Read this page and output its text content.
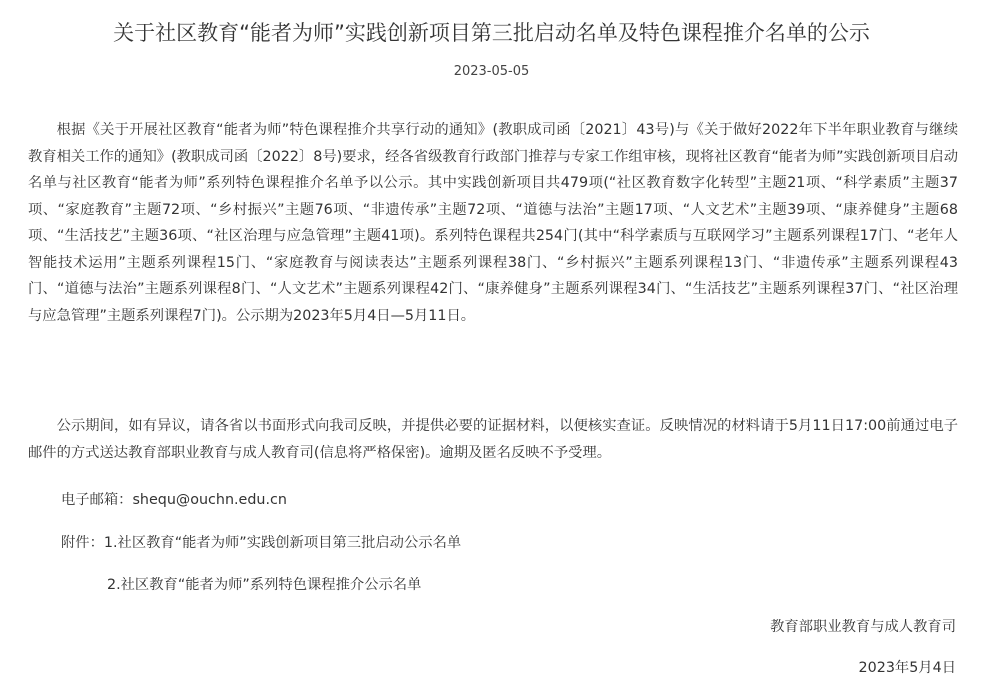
关于社区教育“能者为师”实践创新项目第三批启动名单及特色课程推介名单的公示
2023-05-05
根据《关于开展社区教育“能者为师”特色课程推介共享行动的通知》(教职成司函〔2021〕43号)与《关于做好2022年下半年职业教育与继续教育相关工作的通知》(教职成司函〔2022〕8号)要求，经各省级教育行政部门推荐与专家工作组审核，现将社区教育“能者为师”实践创新项目启动名单与社区教育“能者为师”系列特色课程推介名单予以公示。其中实践创新项目共479项(“社区教育数字化转型”主题21项、“科学素质”主题37项、“家庭教育”主题72项、“乡村振兴”主题76项、“非遗传承”主题72项、“道德与法治”主题17项、“人文艺术”主题39项、“康养健身”主题68项、“生活技艺”主题36项、“社区治理与应急管理”主题41项)。系列特色课程共254门(其中“科学素质与互联网学习”主题系列课程17门、“老年人智能技术运用”主题系列课程15门、“家庭教育与阅读表达”主题系列课程38门、“乡村振兴”主题系列课程13门、“非遗传承”主题系列课程43门、“道德与法治”主题系列课程8门、“人文艺术”主题系列课程42门、“康养健身”主题系列课程34门、“生活技艺”主题系列课程37门、“社区治理与应急管理”主题系列课程7门)。公示期为2023年5月4日—5月11日。
公示期间，如有异议，请各省以书面形式向我司反映，并提供必要的证据材料，以便核实查证。反映情况的材料请于5月11日17:00前通过电子邮件的方式送达教育部职业教育与成人教育司(信息将严格保密)。逾期及匿名反映不予受理。
电子邮箱：shequ@ouchn.edu.cn
附件：1.社区教育“能者为师”实践创新项目第三批启动公示名单
2.社区教育“能者为师”系列特色课程推介公示名单
教育部职业教育与成人教育司
2023年5月4日
